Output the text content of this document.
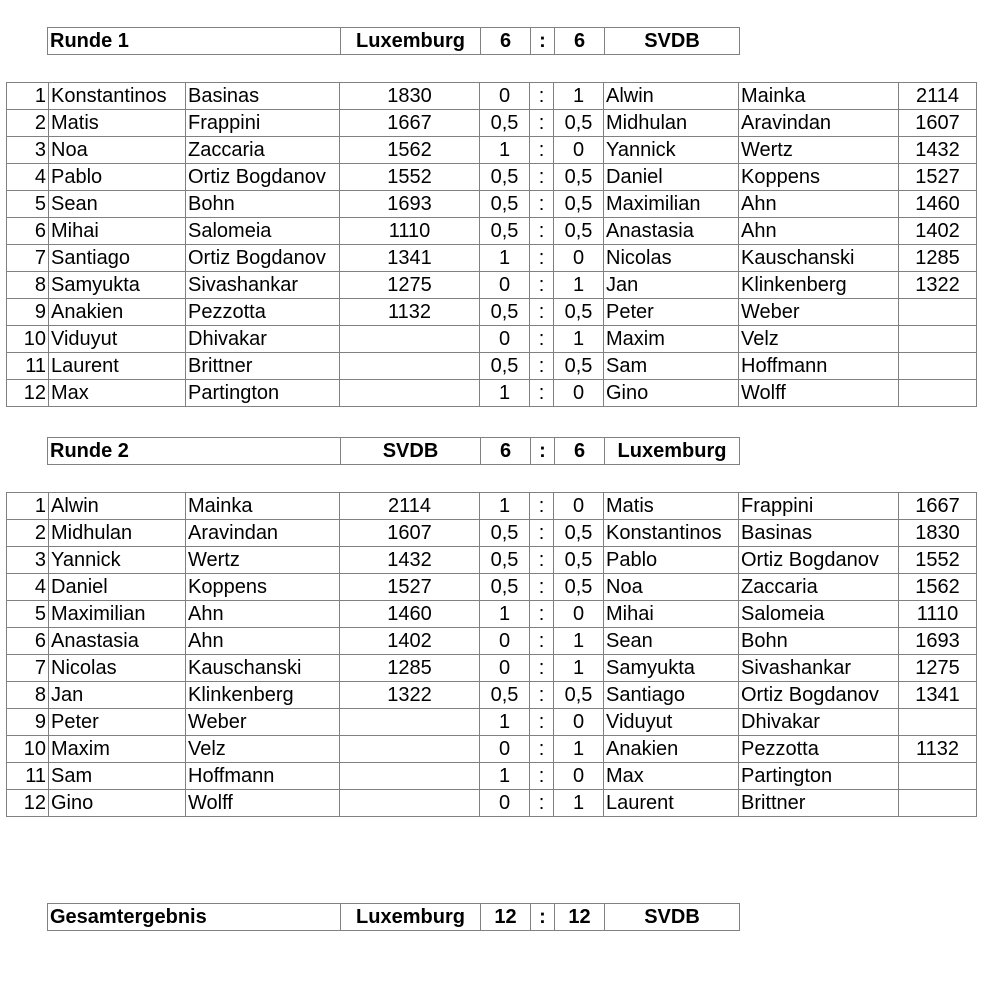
Runde 1	Luxemburg	6	:	6	SVDB
1	Konstantinos	Basinas	1830	0	:	1	Alwin	Mainka	2114
2	Matis	Frappini	1667	0,5	:	0,5	Midhulan	Aravindan	1607
3	Noa	Zaccaria	1562	1	:	0	Yannick	Wertz	1432
4	Pablo	Ortiz Bogdanov	1552	0,5	:	0,5	Daniel	Koppens	1527
5	Sean	Bohn	1693	0,5	:	0,5	Maximilian	Ahn	1460
6	Mihai	Salomeia	1110	0,5	:	0,5	Anastasia	Ahn	1402
7	Santiago	Ortiz Bogdanov	1341	1	:	0	Nicolas	Kauschanski	1285
8	Samyukta	Sivashankar	1275	0	:	1	Jan	Klinkenberg	1322
9	Anakien	Pezzotta	1132	0,5	:	0,5	Peter	Weber	
10	Viduyut	Dhivakar		0	:	1	Maxim	Velz	
11	Laurent	Brittner		0,5	:	0,5	Sam	Hoffmann	
12	Max	Partington		1	:	0	Gino	Wolff	
Runde 2	SVDB	6	:	6	Luxemburg
1	Alwin	Mainka	2114	1	:	0	Matis	Frappini	1667
2	Midhulan	Aravindan	1607	0,5	:	0,5	Konstantinos	Basinas	1830
3	Yannick	Wertz	1432	0,5	:	0,5	Pablo	Ortiz Bogdanov	1552
4	Daniel	Koppens	1527	0,5	:	0,5	Noa	Zaccaria	1562
5	Maximilian	Ahn	1460	1	:	0	Mihai	Salomeia	1110
6	Anastasia	Ahn	1402	0	:	1	Sean	Bohn	1693
7	Nicolas	Kauschanski	1285	0	:	1	Samyukta	Sivashankar	1275
8	Jan	Klinkenberg	1322	0,5	:	0,5	Santiago	Ortiz Bogdanov	1341
9	Peter	Weber		1	:	0	Viduyut	Dhivakar	
10	Maxim	Velz		0	:	1	Anakien	Pezzotta	1132
11	Sam	Hoffmann		1	:	0	Max	Partington	
12	Gino	Wolff		0	:	1	Laurent	Brittner	
Gesamtergebnis	Luxemburg	12	:	12	SVDB
